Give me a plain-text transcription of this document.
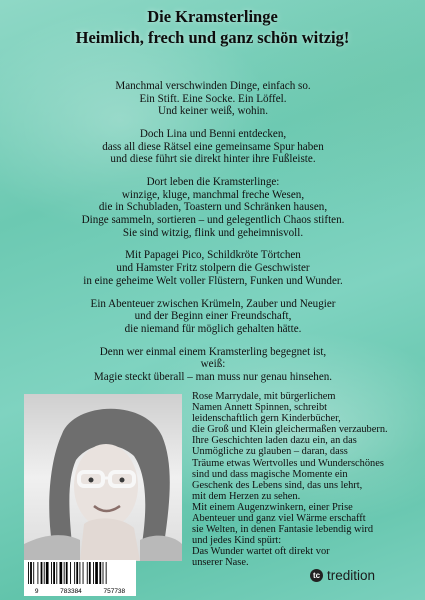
Die Kramsterlinge
Heimlich, frech und ganz schön witzig!

Manchmal verschwinden Dinge, einfach so.
Ein Stift. Eine Socke. Ein Löffel.
Und keiner weiß, wohin.

Doch Lina und Benni entdecken,
dass all diese Rätsel eine gemeinsame Spur haben
und diese führt sie direkt hinter ihre Fußleiste.

Dort leben die Kramsterlinge:
winzige, kluge, manchmal freche Wesen,
die in Schubladen, Toastern und Schränken hausen,
Dinge sammeln, sortieren – und gelegentlich Chaos stiften.
Sie sind witzig, flink und geheimnisvoll.

Mit Papagei Pico, Schildkröte Törtchen
und Hamster Fritz stolpern die Geschwister
in eine geheime Welt voller Flüstern, Funken und Wunder.

Ein Abenteuer zwischen Krümeln, Zauber und Neugier
und der Beginn einer Freundschaft,
die niemand für möglich gehalten hätte.

Denn wer einmal einem Kramsterling begegnet ist,
weiß:
Magie steckt überall – man muss nur genau hinsehen.

Rose Marrydale, mit bürgerlichem
Namen Annett Spinnen, schreibt
leidenschaftlich gern Kinderbücher,
die Groß und Klein gleichermaßen verzaubern.
Ihre Geschichten laden dazu ein, an das
Unmögliche zu glauben – daran, dass
Träume etwas Wertvolles und Wunderschönes
sind und dass magische Momente ein
Geschenk des Lebens sind, das uns lehrt,
mit dem Herzen zu sehen.
Mit einem Augenzwinkern, einer Prise
Abenteuer und ganz viel Wärme erschafft
sie Welten, in denen Fantasie lebendig wird
und jedes Kind spürt:
Das Wunder wartet oft direkt vor
unserer Nase.
9	783384	757738
tc tredition
